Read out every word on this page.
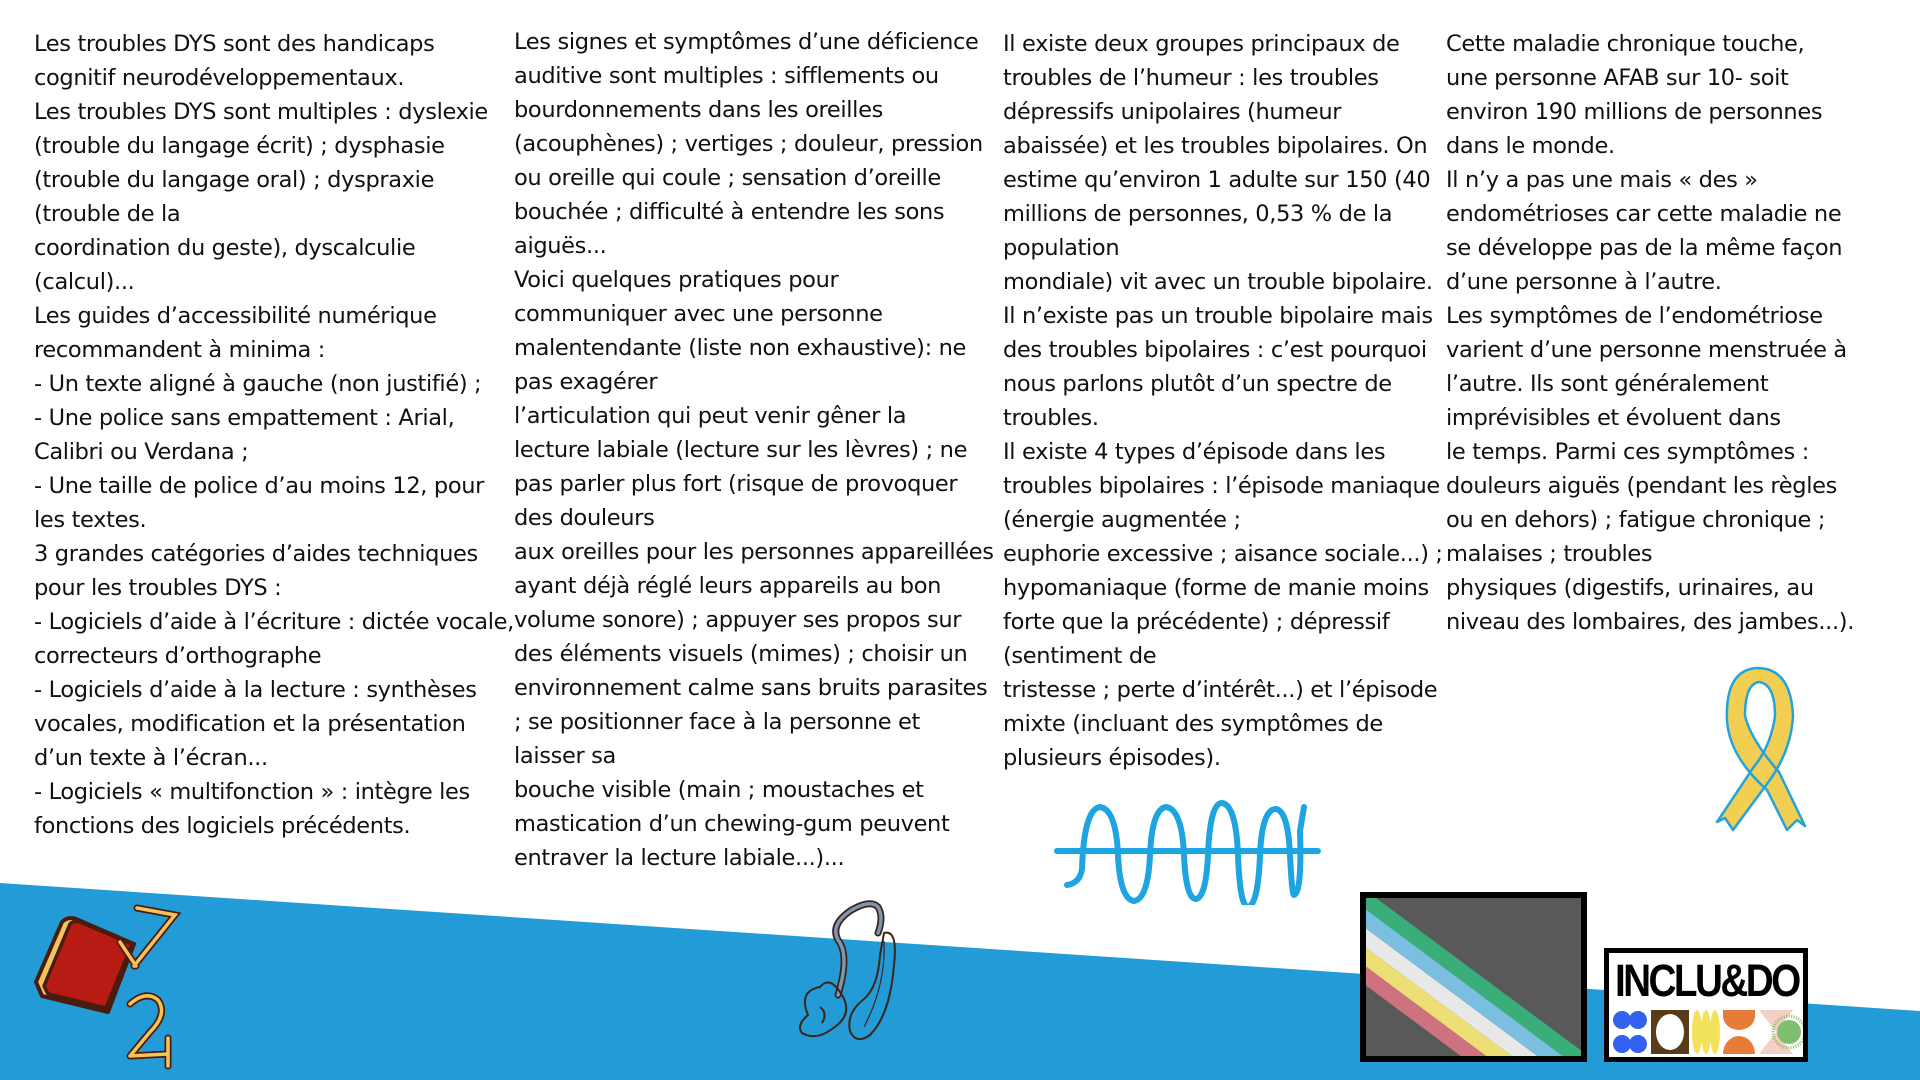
Les troubles DYS sont des handicaps
cognitif neurodéveloppementaux.
Les troubles DYS sont multiples : dyslexie
(trouble du langage écrit) ; dysphasie
(trouble du langage oral) ; dyspraxie
(trouble de la
coordination du geste), dyscalculie
(calcul)...
Les guides d’accessibilité numérique
recommandent à minima :
- Un texte aligné à gauche (non justifié) ;
- Une police sans empattement : Arial,
Calibri ou Verdana ;
- Une taille de police d’au moins 12, pour
les textes.
3 grandes catégories d’aides techniques
pour les troubles DYS :
- Logiciels d’aide à l’écriture : dictée vocale,
correcteurs d’orthographe
- Logiciels d’aide à la lecture : synthèses
vocales, modification et la présentation
d’un texte à l’écran...
- Logiciels « multifonction » : intègre les
fonctions des logiciels précédents.
Les signes et symptômes d’une déficience
auditive sont multiples : sifflements ou
bourdonnements dans les oreilles
(acouphènes) ; vertiges ; douleur, pression
ou oreille qui coule ; sensation d’oreille
bouchée ; difficulté à entendre les sons
aiguës...
Voici quelques pratiques pour
communiquer avec une personne
malentendante (liste non exhaustive): ne
pas exagérer
l’articulation qui peut venir gêner la
lecture labiale (lecture sur les lèvres) ; ne
pas parler plus fort (risque de provoquer
des douleurs
aux oreilles pour les personnes appareillées
ayant déjà réglé leurs appareils au bon
volume sonore) ; appuyer ses propos sur
des éléments visuels (mimes) ; choisir un
environnement calme sans bruits parasites
; se positionner face à la personne et
laisser sa
bouche visible (main ; moustaches et
mastication d’un chewing-gum peuvent
entraver la lecture labiale...)...
Il existe deux groupes principaux de
troubles de l’humeur : les troubles
dépressifs unipolaires (humeur
abaissée) et les troubles bipolaires. On
estime qu’environ 1 adulte sur 150 (40
millions de personnes, 0,53 % de la
population
mondiale) vit avec un trouble bipolaire.
Il n’existe pas un trouble bipolaire mais
des troubles bipolaires : c’est pourquoi
nous parlons plutôt d’un spectre de
troubles.
Il existe 4 types d’épisode dans les
troubles bipolaires : l’épisode maniaque
(énergie augmentée ;
euphorie excessive ; aisance sociale...) ;
hypomaniaque (forme de manie moins
forte que la précédente) ; dépressif
(sentiment de
tristesse ; perte d’intérêt...) et l’épisode
mixte (incluant des symptômes de
plusieurs épisodes).
Cette maladie chronique touche,
une personne AFAB sur 10- soit
environ 190 millions de personnes
dans le monde.
Il n’y a pas une mais « des »
endométrioses car cette maladie ne
se développe pas de la même façon
d’une personne à l’autre.
Les symptômes de l’endométriose
varient d’une personne menstruée à
l’autre. Ils sont généralement
imprévisibles et évoluent dans
le temps. Parmi ces symptômes :
douleurs aiguës (pendant les règles
ou en dehors) ; fatigue chronique ;
malaises ; troubles
physiques (digestifs, urinaires, au
niveau des lombaires, des jambes...).
INCLU&DO
